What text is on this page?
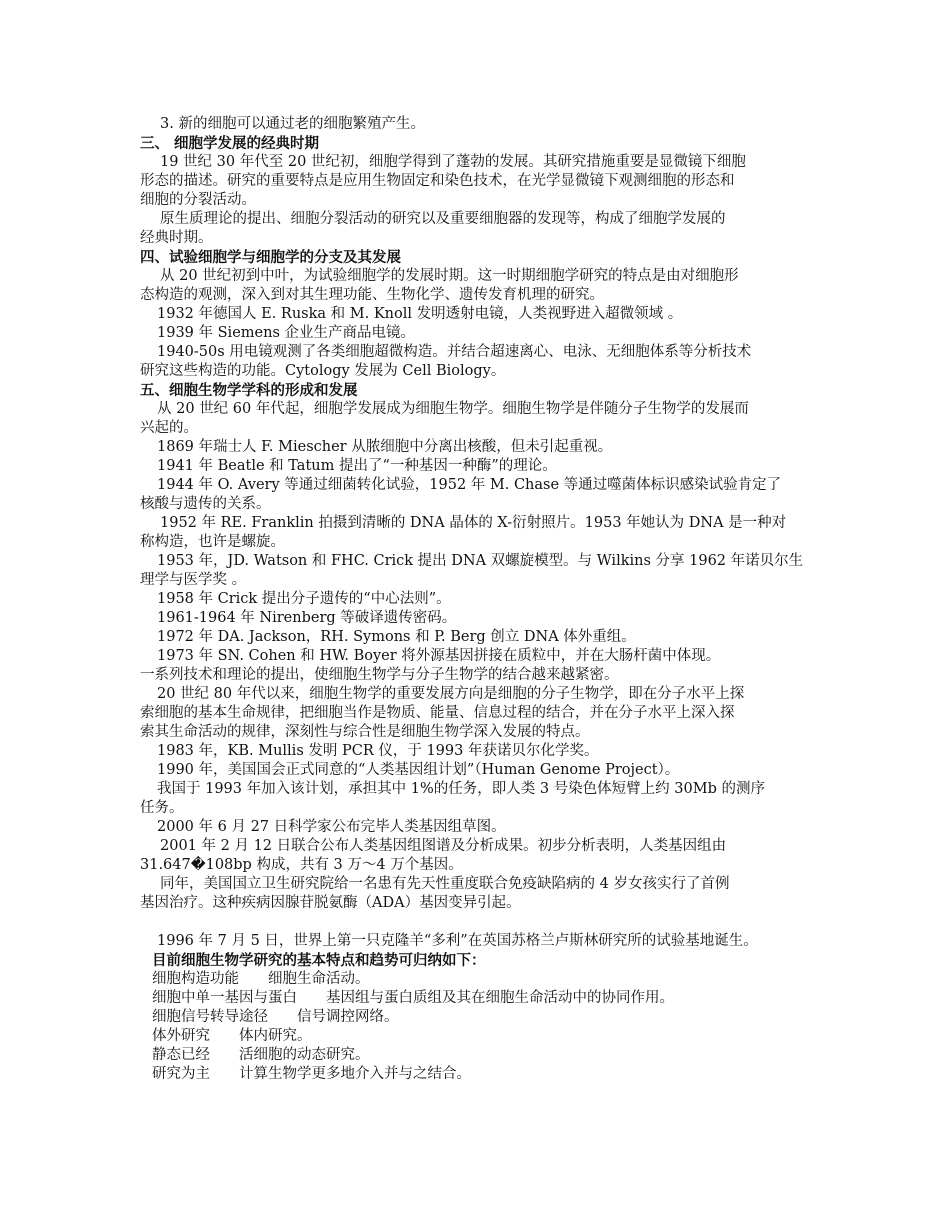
3. 新的细胞可以通过老的细胞繁殖产生。

三、 细胞学发展的经典时期

19 世纪 30 年代至 20 世纪初，细胞学得到了蓬勃的发展。其研究措施重要是显微镜下细胞

形态的描述。研究的重要特点是应用生物固定和染色技术，在光学显微镜下观测细胞的形态和

细胞的分裂活动。

原生质理论的提出、细胞分裂活动的研究以及重要细胞器的发现等，构成了细胞学发展的

经典时期。

四、试验细胞学与细胞学的分支及其发展

从 20 世纪初到中叶，为试验细胞学的发展时期。这一时期细胞学研究的特点是由对细胞形

态构造的观测，深入到对其生理功能、生物化学、遗传发育机理的研究。

1932 年德国人 E. Ruska 和 M. Knoll 发明透射电镜，人类视野进入超微领域 。

1939 年 Siemens 企业生产商品电镜。

1940-50s 用电镜观测了各类细胞超微构造。并结合超速离心、电泳、无细胞体系等分析技术

研究这些构造的功能。Cytology 发展为 Cell Biology。

五、细胞生物学学科的形成和发展

从 20 世纪 60 年代起，细胞学发展成为细胞生物学。细胞生物学是伴随分子生物学的发展而

兴起的。

1869 年瑞士人 F. Miescher 从脓细胞中分离出核酸，但未引起重视。

1941 年 Beatle 和 Tatum 提出了“一种基因一种酶”的理论。

1944 年 O. Avery 等通过细菌转化试验，1952 年 M. Chase 等通过噬菌体标识感染试验肯定了

核酸与遗传的关系。

1952 年 RE. Franklin 拍摄到清晰的 DNA 晶体的 X-衍射照片。1953 年她认为 DNA 是一种对

称构造，也许是螺旋。

1953 年，JD. Watson 和 FHC. Crick 提出 DNA 双螺旋模型。与 Wilkins 分享 1962 年诺贝尔生

理学与医学奖 。

1958 年 Crick 提出分子遗传的“中心法则”。

1961-1964 年 Nirenberg 等破译遗传密码。

1972 年 DA. Jackson，RH. Symons 和 P. Berg 创立 DNA 体外重组。

1973 年 SN. Cohen 和 HW. Boyer 将外源基因拼接在质粒中，并在大肠杆菌中体现。

一系列技术和理论的提出，使细胞生物学与分子生物学的结合越来越紧密。

20 世纪 80 年代以来，细胞生物学的重要发展方向是细胞的分子生物学，即在分子水平上探

索细胞的基本生命规律，把细胞当作是物质、能量、信息过程的结合，并在分子水平上深入探

索其生命活动的规律，深刻性与综合性是细胞生物学深入发展的特点。

1983 年，KB. Mullis 发明 PCR 仪，于 1993 年获诺贝尔化学奖。

1990 年，美国国会正式同意的“人类基因组计划”（Human Genome Project）。

我国于 1993 年加入该计划，承担其中 1%的任务，即人类 3 号染色体短臂上约 30Mb 的测序

任务。

2000 年 6 月 27 日科学家公布完毕人类基因组草图。

2001 年 2 月 12 日联合公布人类基因组图谱及分析成果。初步分析表明，人类基因组由

31.647�108bp 构成，共有 3 万～4 万个基因。

同年，美国国立卫生研究院给一名患有先天性重度联合免疫缺陷病的 4 岁女孩实行了首例

基因治疗。这种疾病因腺苷脱氨酶（ADA）基因变异引起。

1996 年 7 月 5 日，世界上第一只克隆羊“多利”在英国苏格兰卢斯林研究所的试验基地诞生。

目前细胞生物学研究的基本特点和趋势可归纳如下：

细胞构造功能　　细胞生命活动。

细胞中单一基因与蛋白　　基因组与蛋白质组及其在细胞生命活动中的协同作用。

细胞信号转导途径　　信号调控网络。

体外研究　　体内研究。

静态已经　　活细胞的动态研究。

研究为主　　计算生物学更多地介入并与之结合。
